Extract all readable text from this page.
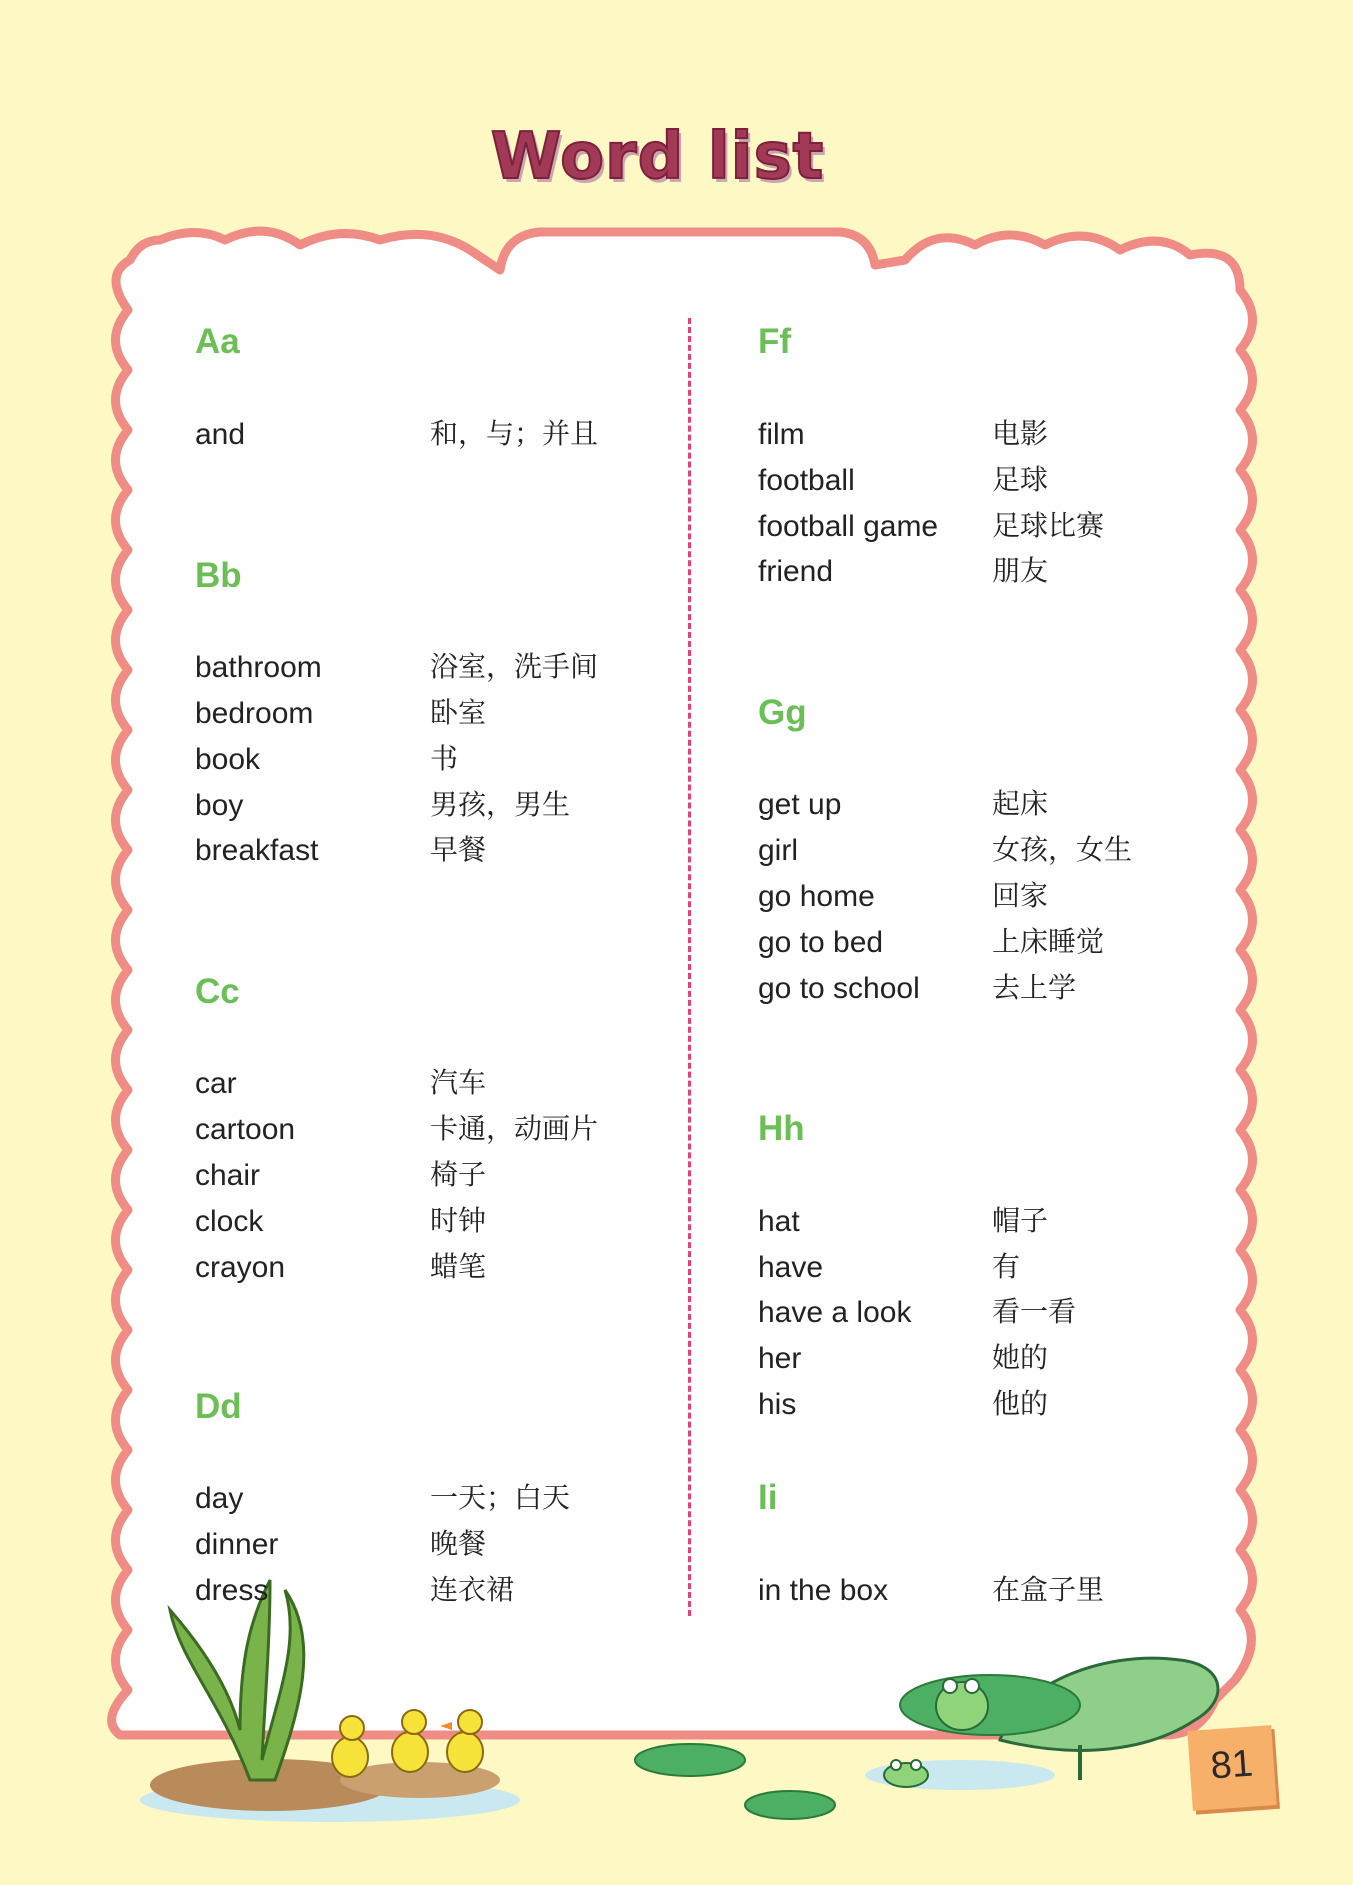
Word list
Aa
and	和，与；并且
Bb
bathroom	浴室，洗手间
bedroom	卧室
book	书
boy	男孩，男生
breakfast	早餐
Cc
car	汽车
cartoon	卡通，动画片
chair	椅子
clock	时钟
crayon	蜡笔
Dd
day	一天；白天
dinner	晚餐
dress	连衣裙
Ff
film	电影
football	足球
football game 足球比赛
friend	朋友
Gg
get up	起床
girl	女孩，女生
go home	回家
go to bed	上床睡觉
go to school	去上学
Hh
hat	帽子
have	有
have a look	看一看
her	她的
his	他的
Ii
in the box	在盒子里
81
